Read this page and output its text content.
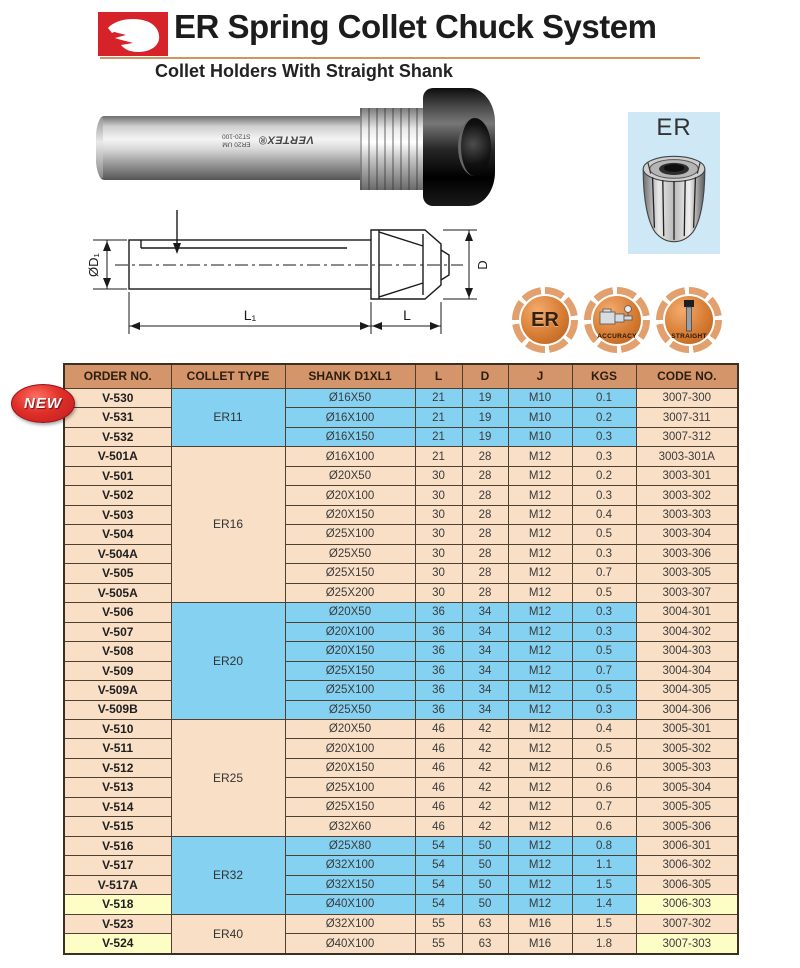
ER Spring Collet Chuck System
Collet Holders With Straight Shank
VERTEX®
ER20 UM
ST20-100	ER
ØD₁
L₁	L
D
ER
ACCURACY	STRAIGHT
NEW
ORDER NO.	COLLET TYPE	SHANK D1XL1	L	D	J	KGS	CODE NO.
V-530	ER11	Ø16X50	21	19	M10	0.1	3007-300
V-531		Ø16X100	21	19	M10	0.2	3007-311
V-532		Ø16X150	21	19	M10	0.3	3007-312
V-501A	ER16	Ø16X100	21	28	M12	0.3	3003-301A
V-501		Ø20X50	30	28	M12	0.2	3003-301
V-502		Ø20X100	30	28	M12	0.3	3003-302
V-503		Ø20X150	30	28	M12	0.4	3003-303
V-504		Ø25X100	30	28	M12	0.5	3003-304
V-504A		Ø25X50	30	28	M12	0.3	3003-306
V-505		Ø25X150	30	28	M12	0.7	3003-305
V-505A		Ø25X200	30	28	M12	0.5	3003-307
V-506	ER20	Ø20X50	36	34	M12	0.3	3004-301
V-507		Ø20X100	36	34	M12	0.3	3004-302
V-508		Ø20X150	36	34	M12	0.5	3004-303
V-509		Ø25X150	36	34	M12	0.7	3004-304
V-509A		Ø25X100	36	34	M12	0.5	3004-305
V-509B		Ø25X50	36	34	M12	0.3	3004-306
V-510	ER25	Ø20X50	46	42	M12	0.4	3005-301
V-511		Ø20X100	46	42	M12	0.5	3005-302
V-512		Ø20X150	46	42	M12	0.6	3005-303
V-513		Ø25X100	46	42	M12	0.6	3005-304
V-514		Ø25X150	46	42	M12	0.7	3005-305
V-515		Ø32X60	46	42	M12	0.6	3005-306
V-516	ER32	Ø25X80	54	50	M12	0.8	3006-301
V-517		Ø32X100	54	50	M12	1.1	3006-302
V-517A		Ø32X150	54	50	M12	1.5	3006-305
V-518		Ø40X100	54	50	M12	1.4	3006-303
V-523	ER40	Ø32X100	55	63	M16	1.5	3007-302
V-524		Ø40X100	55	63	M16	1.8	3007-303
